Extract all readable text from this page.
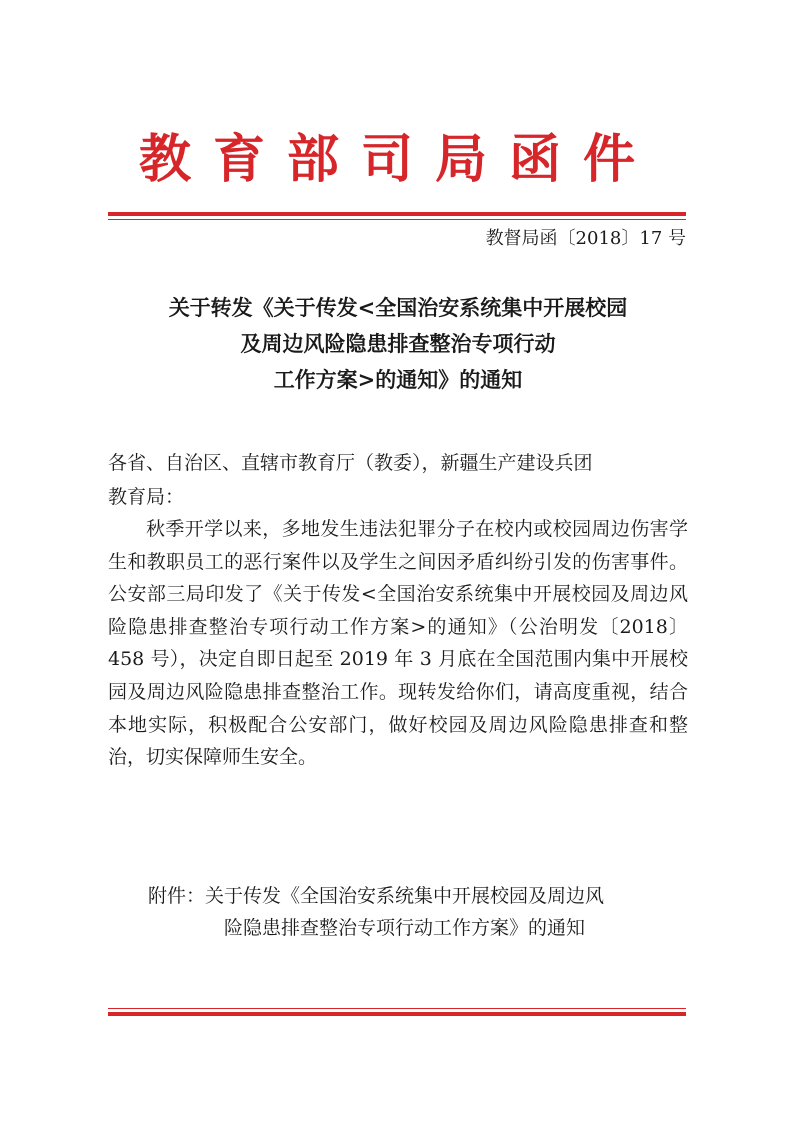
教育部司局函件
教督局函〔2018〕17 号
关于转发《关于传发<全国治安系统集中开展校园
及周边风险隐患排查整治专项行动
工作方案>的通知》的通知
各省、自治区、直辖市教育厅（教委），新疆生产建设兵团
教育局：
秋季开学以来，多地发生违法犯罪分子在校内或校园周边伤害学生和教职员工的恶行案件以及学生之间因矛盾纠纷引发的伤害事件。公安部三局印发了《关于传发<全国治安系统集中开展校园及周边风险隐患排查整治专项行动工作方案>的通知》（公治明发〔2018〕458 号），决定自即日起至 2019 年 3 月底在全国范围内集中开展校园及周边风险隐患排查整治工作。现转发给你们，请高度重视，结合本地实际，积极配合公安部门，做好校园及周边风险隐患排查和整治，切实保障师生安全。
附件：关于传发《全国治安系统集中开展校园及周边风
险隐患排查整治专项行动工作方案》的通知
